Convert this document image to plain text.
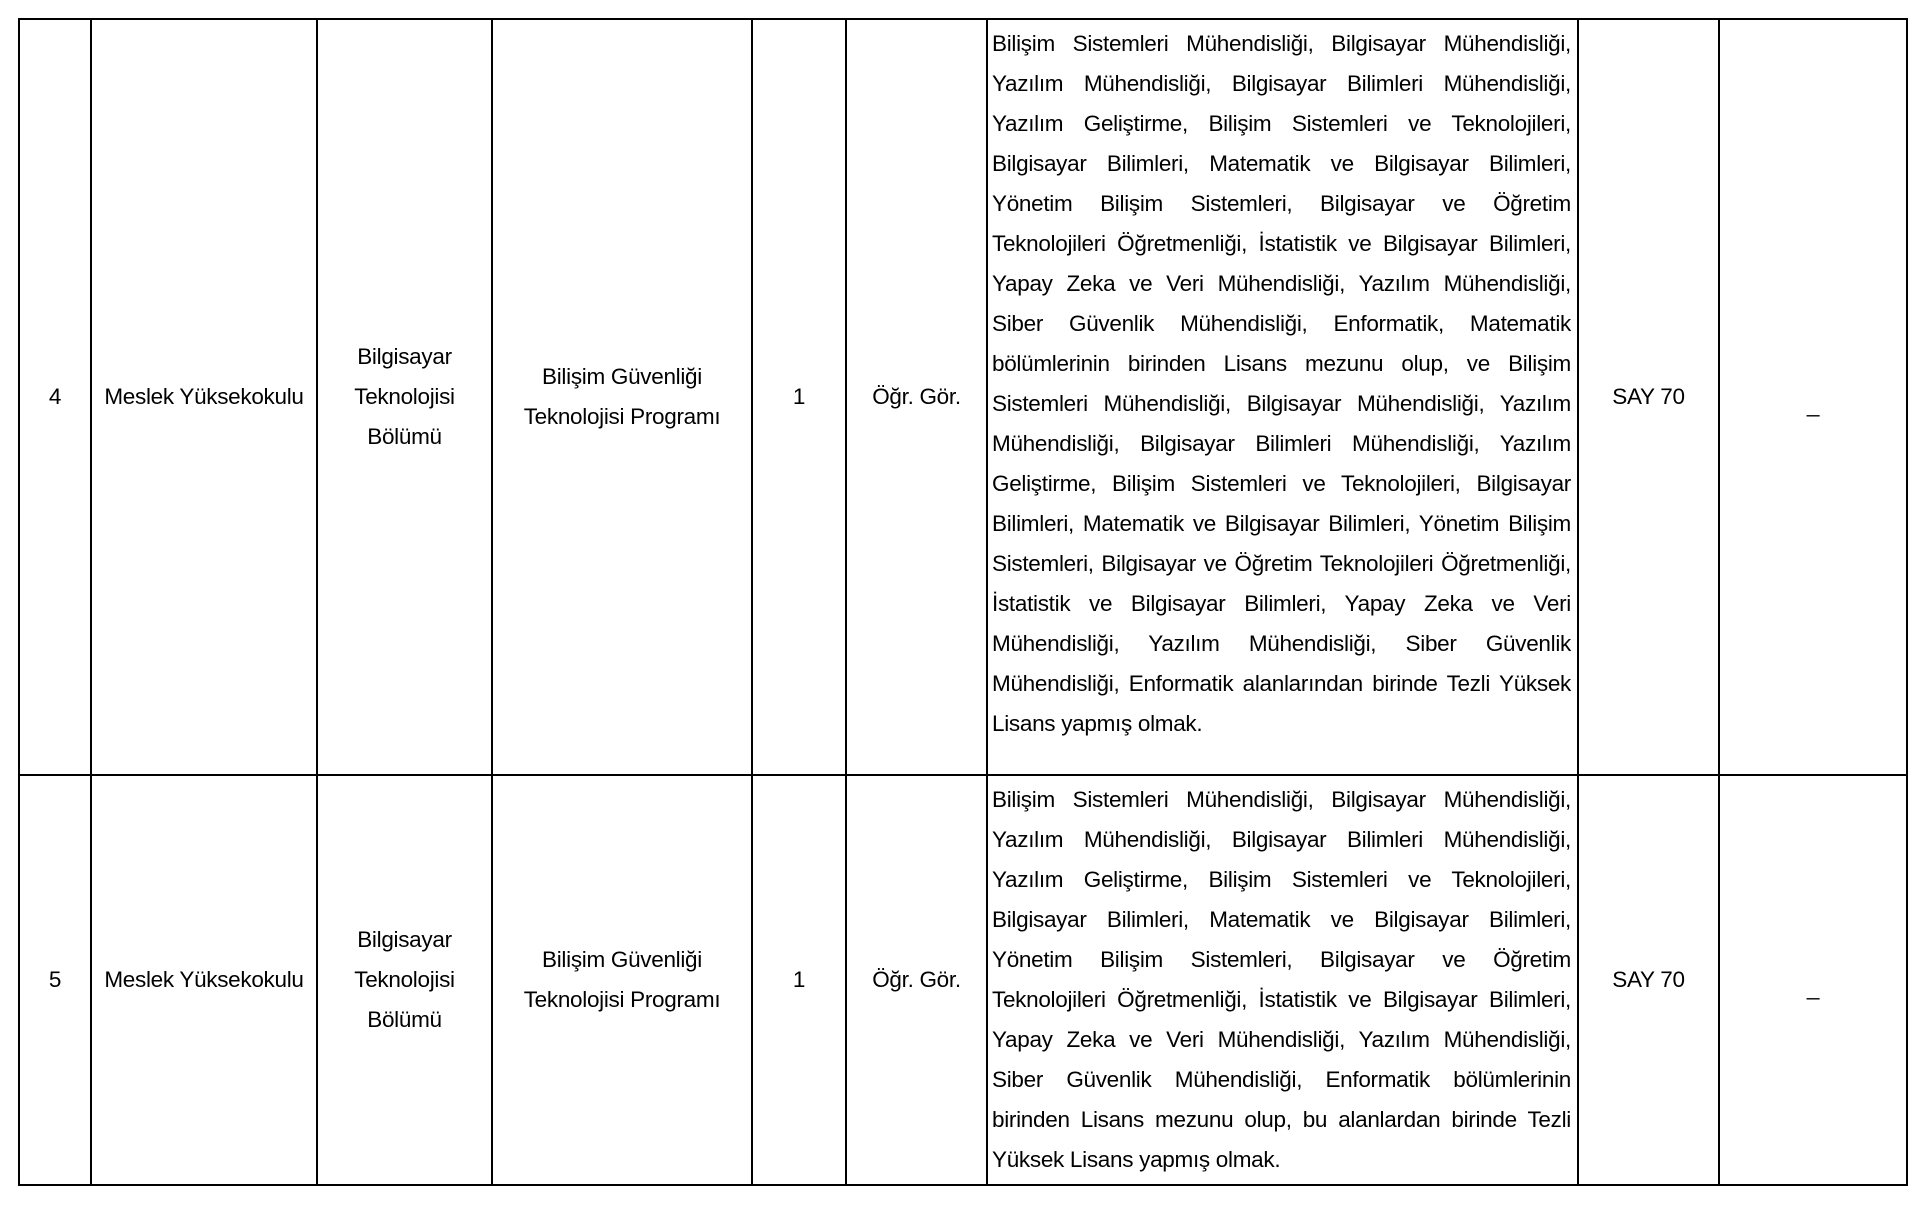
4	Meslek Yüksekokulu	Bilgisayar Teknolojisi Bölümü	Bilişim Güvenliği Teknolojisi Programı	1	Öğr. Gör.	Bilişim Sistemleri Mühendisliği, Bilgisayar Mühendisliği, Yazılım Mühendisliği, Bilgisayar Bilimleri Mühendisliği, Yazılım Geliştirme, Bilişim Sistemleri ve Teknolojileri, Bilgisayar Bilimleri, Matematik ve Bilgisayar Bilimleri, Yönetim Bilişim Sistemleri, Bilgisayar ve Öğretim Teknolojileri Öğretmenliği, İstatistik ve Bilgisayar Bilimleri, Yapay Zeka ve Veri Mühendisliği, Yazılım Mühendisliği, Siber Güvenlik Mühendisliği, Enformatik, Matematik bölümlerinin birinden Lisans mezunu olup, ve Bilişim Sistemleri Mühendisliği, Bilgisayar Mühendisliği, Yazılım Mühendisliği, Bilgisayar Bilimleri Mühendisliği, Yazılım Geliştirme, Bilişim Sistemleri ve Teknolojileri, Bilgisayar Bilimleri, Matematik ve Bilgisayar Bilimleri, Yönetim Bilişim Sistemleri, Bilgisayar ve Öğretim Teknolojileri Öğretmenliği, İstatistik ve Bilgisayar Bilimleri, Yapay Zeka ve Veri Mühendisliği, Yazılım Mühendisliği, Siber Güvenlik Mühendisliği, Enformatik alanlarından birinde Tezli Yüksek Lisans yapmış olmak.	SAY 70	_
5	Meslek Yüksekokulu	Bilgisayar Teknolojisi Bölümü	Bilişim Güvenliği Teknolojisi Programı	1	Öğr. Gör.	Bilişim Sistemleri Mühendisliği, Bilgisayar Mühendisliği, Yazılım Mühendisliği, Bilgisayar Bilimleri Mühendisliği, Yazılım Geliştirme, Bilişim Sistemleri ve Teknolojileri, Bilgisayar Bilimleri, Matematik ve Bilgisayar Bilimleri, Yönetim Bilişim Sistemleri, Bilgisayar ve Öğretim Teknolojileri Öğretmenliği, İstatistik ve Bilgisayar Bilimleri, Yapay Zeka ve Veri Mühendisliği, Yazılım Mühendisliği, Siber Güvenlik Mühendisliği, Enformatik bölümlerinin birinden Lisans mezunu olup, bu alanlardan birinde Tezli Yüksek Lisans yapmış olmak.	SAY 70	_
